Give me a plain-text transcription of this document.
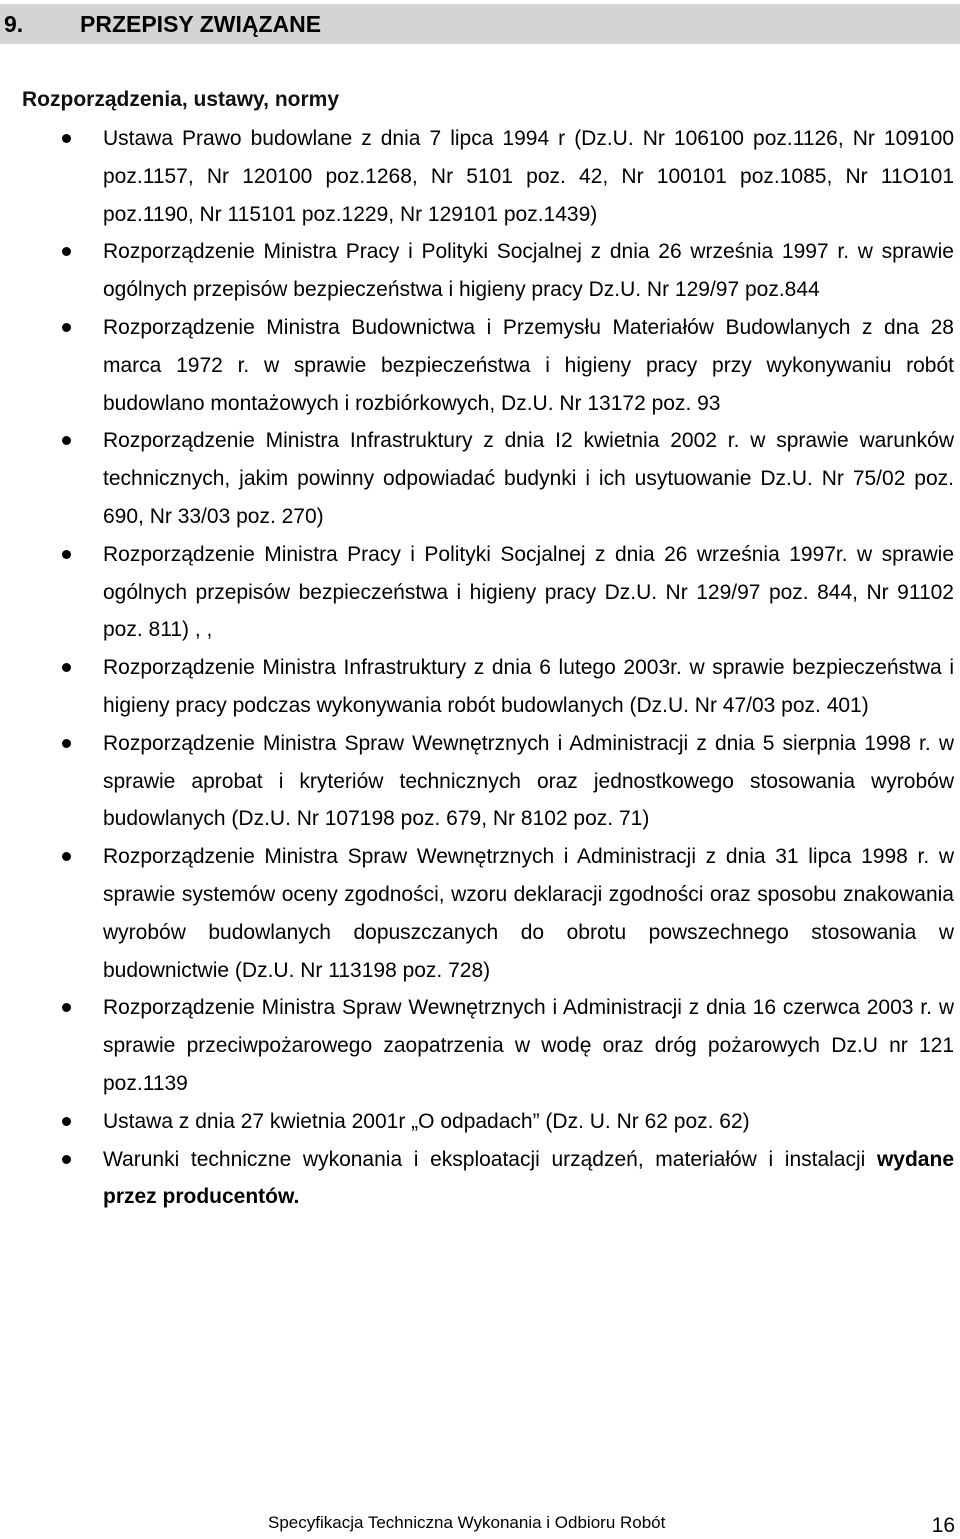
9. PRZEPISY ZWIĄZANE
Rozporządzenia, ustawy, normy
Ustawa Prawo budowlane z dnia 7 lipca 1994 r (Dz.U. Nr 106100 poz.1126, Nr 109100 poz.1157, Nr 120100 poz.1268, Nr 5101 poz. 42, Nr 100101 poz.1085, Nr 11O101 poz.1190, Nr 115101 poz.1229, Nr 129101 poz.1439)
Rozporządzenie Ministra Pracy i Polityki Socjalnej z dnia 26 września 1997 r. w sprawie ogólnych przepisów bezpieczeństwa i higieny pracy Dz.U. Nr 129/97 poz.844
Rozporządzenie Ministra Budownictwa i Przemysłu Materiałów Budowlanych z dna 28 marca 1972 r. w sprawie bezpieczeństwa i higieny pracy przy wykonywaniu robót budowlano montażowych i rozbiórkowych, Dz.U. Nr 13172 poz. 93
Rozporządzenie Ministra Infrastruktury z dnia I2 kwietnia 2002 r. w sprawie warunków technicznych, jakim powinny odpowiadać budynki i ich usytuowanie Dz.U. Nr 75/02 poz. 690, Nr 33/03 poz. 270)
Rozporządzenie Ministra Pracy i Polityki Socjalnej z dnia 26 września 1997r. w sprawie ogólnych przepisów bezpieczeństwa i higieny pracy Dz.U. Nr 129/97 poz. 844, Nr 91102 poz. 811) , ,
Rozporządzenie Ministra Infrastruktury z dnia 6 lutego 2003r. w sprawie bezpieczeństwa i higieny pracy podczas wykonywania robót budowlanych (Dz.U. Nr 47/03 poz. 401)
Rozporządzenie Ministra Spraw Wewnętrznych i Administracji z dnia 5 sierpnia 1998 r. w sprawie aprobat i kryteriów technicznych oraz jednostkowego stosowania wyrobów budowlanych (Dz.U. Nr 107198 poz. 679, Nr 8102 poz. 71)
Rozporządzenie Ministra Spraw Wewnętrznych i Administracji z dnia 31 lipca 1998 r. w sprawie systemów oceny zgodności, wzoru deklaracji zgodności oraz sposobu znakowania wyrobów budowlanych dopuszczanych do obrotu powszechnego stosowania w budownictwie (Dz.U. Nr 113198 poz. 728)
Rozporządzenie Ministra Spraw Wewnętrznych i Administracji z dnia 16 czerwca 2003 r. w sprawie przeciwpożarowego zaopatrzenia w wodę oraz dróg pożarowych Dz.U nr 121 poz.1139
Ustawa z dnia 27 kwietnia 2001r „O odpadach” (Dz. U. Nr 62 poz. 62)
Warunki techniczne wykonania i eksploatacji urządzeń, materiałów i instalacji wydane przez producentów.
Specyfikacja Techniczna Wykonania i Odbioru Robót	16
